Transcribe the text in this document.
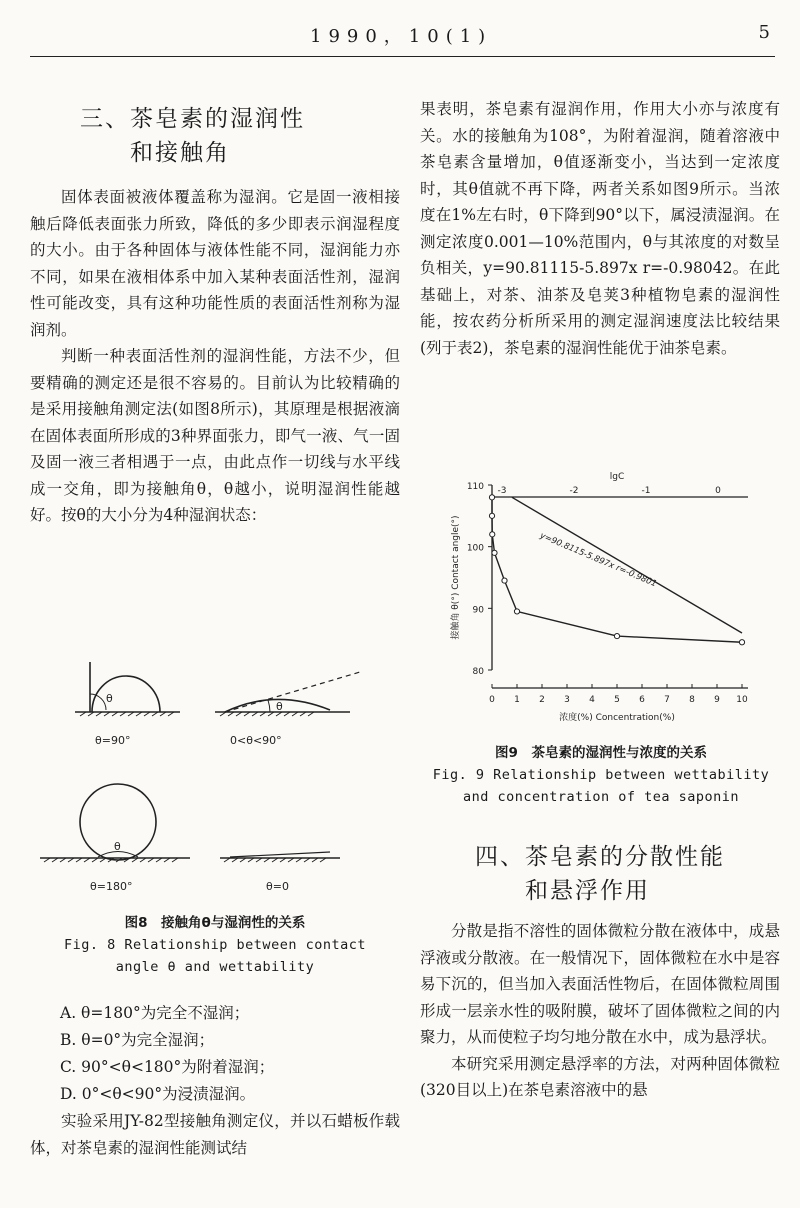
1990，10(1)	5
三、茶皂素的湿润性
和接触角

固体表面被液体覆盖称为湿润。它是固一液相接触后降低表面张力所致，降低的多少即表示润湿程度的大小。由于各种固体与液体性能不同，湿润能力亦不同，如果在液相体系中加入某种表面活性剂，湿润性可能改变，具有这种功能性质的表面活性剂称为湿润剂。

判断一种表面活性剂的湿润性能，方法不少，但要精确的测定还是很不容易的。目前认为比较精确的是采用接触角测定法(如图8所示)，其原理是根据液滴在固体表面所形成的3种界面张力，即气一液、气一固及固一液三者相遇于一点，由此点作一切线与水平线成一交角，即为接触角θ，θ越小，说明湿润性能越好。按θ的大小分为4种湿润状态：

θ
θ=90°
θ
0<θ<90°
θ
θ=180°	θ=0
图8　接触角θ与湿润性的关系
Fig. 8 Relationship between contact
angle θ and wettability
A. θ=180°为完全不湿润；
B. θ=0°为完全湿润；
C. 90°<θ<180°为附着湿润；
D. 0°<θ<90°为浸渍湿润。

实验采用JY-82型接触角测定仪，并以石蜡板作载体，对茶皂素的湿润性能测试结

果表明，茶皂素有湿润作用，作用大小亦与浓度有关。水的接触角为108°，为附着湿润，随着溶液中茶皂素含量增加，θ值逐渐变小，当达到一定浓度时，其θ值就不再下降，两者关系如图9所示。当浓度在1%左右时，θ下降到90°以下，属浸渍湿润。在测定浓度0.001—10%范围内，θ与其浓度的对数呈负相关，y=90.81115-5.897x r=-0.98042。在此基础上，对茶、油茶及皂荚3种植物皂素的湿润性能，按农药分析所采用的测定湿润速度法比较结果(列于表2)，茶皂素的湿润性能优于油茶皂素。

80
90
100
110
0 1 2 3 4 5 6 7 8 9 10
-3	-2	-1	0
lgC
浓度(%) Concentration(%)
接触角 θ(°) Contact angle(°)	y=90.8115-5.897x r=-0.9801
图9　茶皂素的湿润性与浓度的关系
Fig. 9 Relationship between wettability
and concentration of tea saponin
四、茶皂素的分散性能
和悬浮作用

分散是指不溶性的固体微粒分散在液体中，成悬浮液或分散液。在一般情况下，固体微粒在水中是容易下沉的，但当加入表面活性物后，在固体微粒周围形成一层亲水性的吸附膜，破坏了固体微粒之间的内聚力，从而使粒子均匀地分散在水中，成为悬浮状。

本研究采用测定悬浮率的方法，对两种固体微粒(320目以上)在茶皂素溶液中的悬
